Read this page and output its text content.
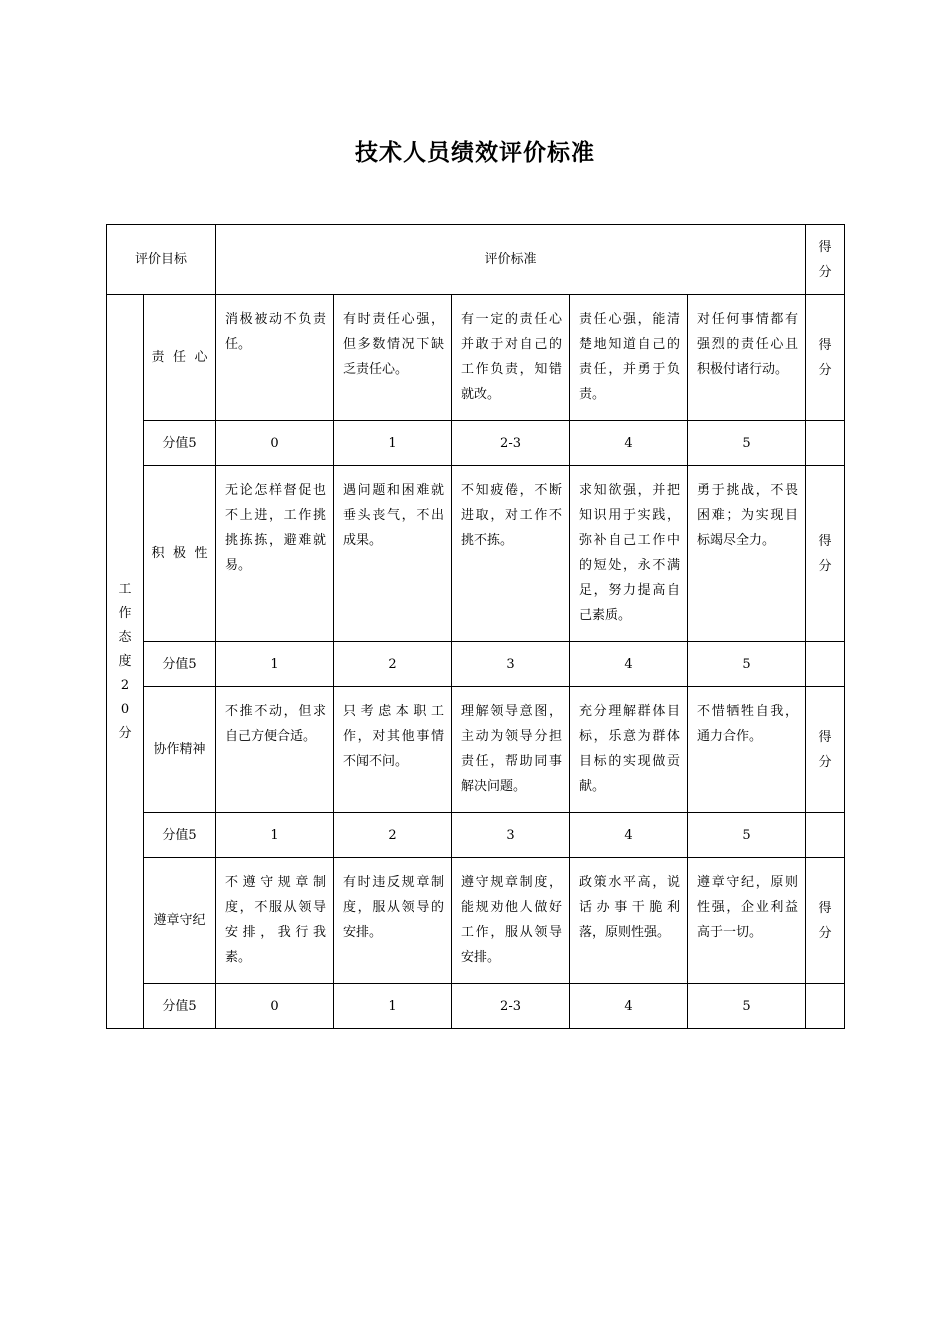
技术人员绩效评价标准
评价目标		评价标准					得分
工作态度20分	责任心	消极被动不负责任。	有时责任心强，但多数情况下缺乏责任心。	有一定的责任心并敢于对自己的工作负责，知错就改。	责任心强，能清楚地知道自己的责任，并勇于负责。	对任何事情都有强烈的责任心且积极付诸行动。	得分
	分值5	0	1	2-3	4	5	
	积极性	无论怎样督促也不上进，工作挑挑拣拣，避难就易。	遇问题和困难就垂头丧气，不出成果。	不知疲倦，不断进取，对工作不挑不拣。	求知欲强，并把知识用于实践，弥补自己工作中的短处，永不满足，努力提高自己素质。	勇于挑战，不畏困难；为实现目标竭尽全力。	得分
	分值5	1	2	3	4	5	
	协作精神	不推不动，但求自己方便合适。	只考虑本职工作，对其他事情不闻不问。	理解领导意图，主动为领导分担责任，帮助同事解决问题。	充分理解群体目标，乐意为群体目标的实现做贡献。	不惜牺牲自我，通力合作。	得分
	分值5	1	2	3	4	5	
	遵章守纪	不遵守规章制度，不服从领导安排，我行我素。	有时违反规章制度，服从领导的安排。	遵守规章制度，能规劝他人做好工作，服从领导安排。	政策水平高，说话办事干脆利落，原则性强。	遵章守纪，原则性强，企业利益高于一切。	得分
	分值5	0	1	2-3	4	5	
